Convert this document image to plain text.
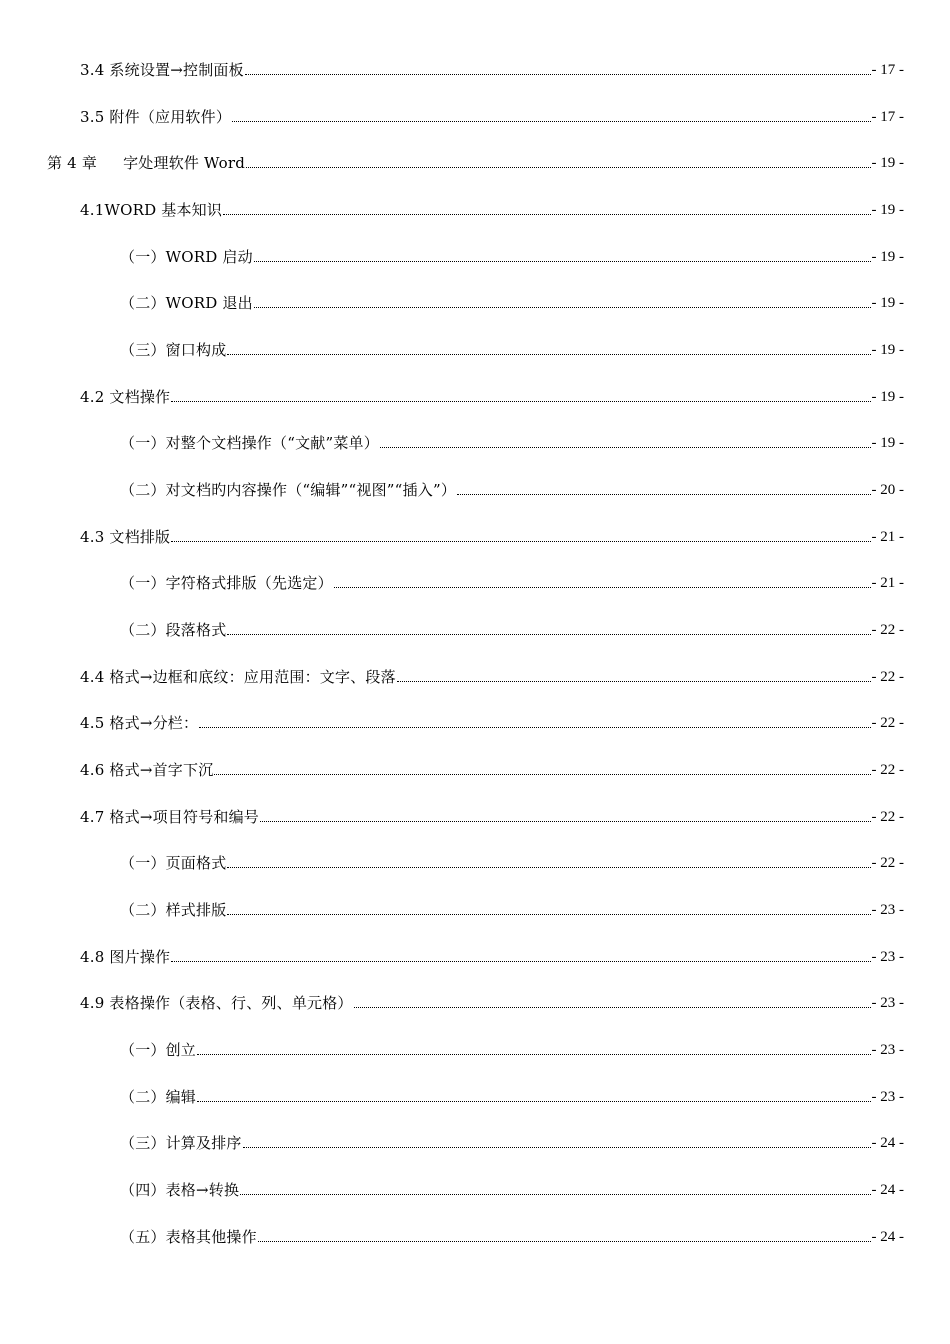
3.4 系统设置→控制面板	- 17 -
3.5 附件（应用软件）	- 17 -
第 4 章 字处理软件 Word	- 19 -
4.1WORD 基本知识	- 19 -
（一）WORD 启动	- 19 -
（二）WORD 退出	- 19 -
（三）窗口构成	- 19 -
4.2 文档操作	- 19 -
（一）对整个文档操作（“文献”菜单）	- 19 -
（二）对文档旳内容操作（“编辑”“视图”“插入”）	- 20 -
4.3 文档排版	- 21 -
（一）字符格式排版（先选定）	- 21 -
（二）段落格式	- 22 -
4.4 格式→边框和底纹：应用范围：文字、段落	- 22 -
4.5 格式→分栏：	- 22 -
4.6 格式→首字下沉	- 22 -
4.7 格式→项目符号和编号	- 22 -
（一）页面格式	- 22 -
（二）样式排版	- 23 -
4.8 图片操作	- 23 -
4.9 表格操作（表格、行、列、单元格）	- 23 -
（一）创立	- 23 -
（二）编辑	- 23 -
（三）计算及排序	- 24 -
（四）表格→转换	- 24 -
（五）表格其他操作	- 24 -
